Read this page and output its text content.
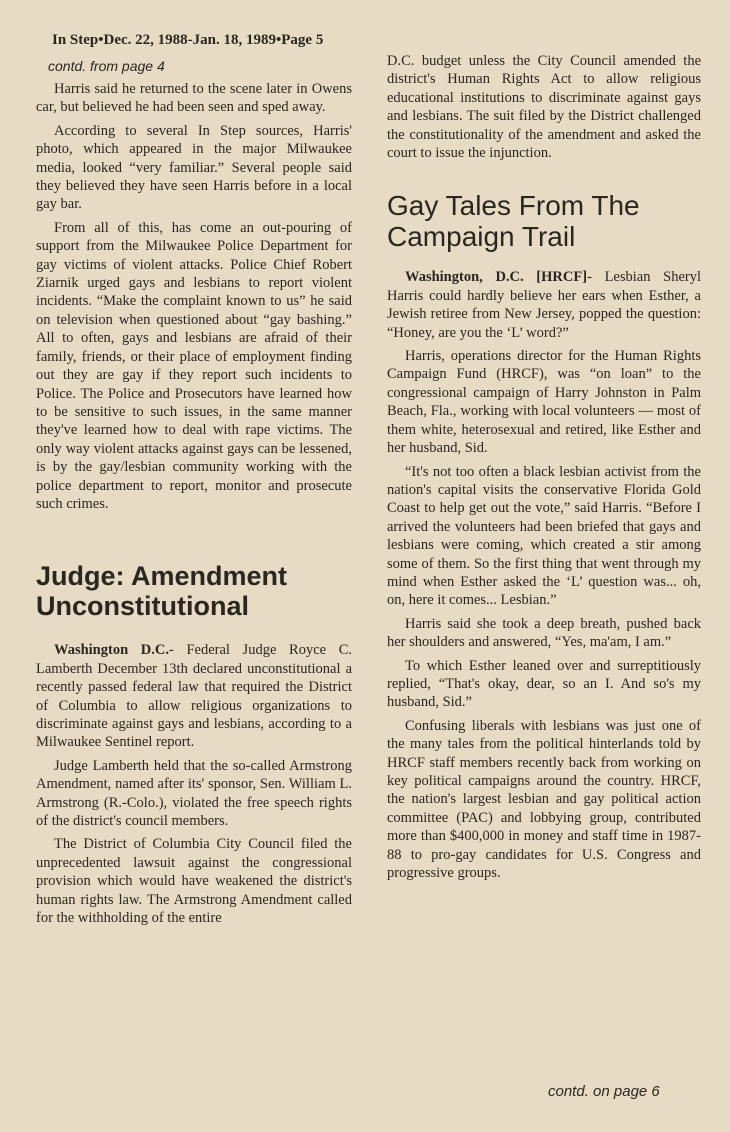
In Step•Dec. 22, 1988-Jan. 18, 1989•Page 5
contd. from page 4

Harris said he returned to the scene later in Owens car, but believed he had been seen and sped away.

According to several In Step sources, Harris' photo, which appeared in the major Milwaukee media, looked “very familiar.” Several people said they believed they have seen Harris before in a local gay bar.

From all of this, has come an out-pouring of support from the Milwaukee Police Department for gay victims of violent attacks. Police Chief Robert Ziarnik urged gays and lesbians to report violent incidents. “Make the complaint known to us” he said on television when questioned about “gay bashing.” All to often, gays and lesbians are afraid of their family, friends, or their place of employment finding out they are gay if they report such incidents to Police. The Police and Prosecutors have learned how to be sensitive to such issues, in the same manner they've learned how to deal with rape victims. The only way violent attacks against gays can be lessened, is by the gay/lesbian community working with the police department to report, monitor and prosecute such crimes.

Judge: Amendment Unconstitutional

Washington D.C.- Federal Judge Royce C. Lamberth December 13th declared unconstitutional a recently passed federal law that required the District of Columbia to allow religious organizations to discriminate against gays and lesbians, according to a Milwaukee Sentinel report.

Judge Lamberth held that the so-called Armstrong Amendment, named after its' sponsor, Sen. William L. Armstrong (R.-Colo.), violated the free speech rights of the district's council members.

The District of Columbia City Council filed the unprecedented lawsuit against the congressional provision which would have weakened the district's human rights law. The Armstrong Amendment called for the withholding of the entire

D.C. budget unless the City Council amended the district's Human Rights Act to allow religious educational institutions to discriminate against gays and lesbians. The suit filed by the District challenged the constitutionality of the amendment and asked the court to issue the injunction.

Gay Tales From The Campaign Trail

Washington, D.C. [HRCF]- Lesbian Sheryl Harris could hardly believe her ears when Esther, a Jewish retiree from New Jersey, popped the question: “Honey, are you the ‘L’ word?”

Harris, operations director for the Human Rights Campaign Fund (HRCF), was “on loan” to the congressional campaign of Harry Johnston in Palm Beach, Fla., working with local volunteers — most of them white, heterosexual and retired, like Esther and her husband, Sid.

“It's not too often a black lesbian activist from the nation's capital visits the conservative Florida Gold Coast to help get out the vote,” said Harris. “Before I arrived the volunteers had been briefed that gays and lesbians were coming, which created a stir among some of them. So the first thing that went through my mind when Esther asked the ‘L’ question was... oh, on, here it comes... Lesbian.”

Harris said she took a deep breath, pushed back her shoulders and answered, “Yes, ma'am, I am.”

To which Esther leaned over and surreptitiously replied, “That's okay, dear, so an I. And so's my husband, Sid.”

Confusing liberals with lesbians was just one of the many tales from the political hinterlands told by HRCF staff members recently back from working on key political campaigns around the country. HRCF, the nation's largest lesbian and gay political action committee (PAC) and lobbying group, contributed more than $400,000 in money and staff time in 1987-88 to pro-gay candidates for U.S. Congress and progressive groups.

contd. on page 6
